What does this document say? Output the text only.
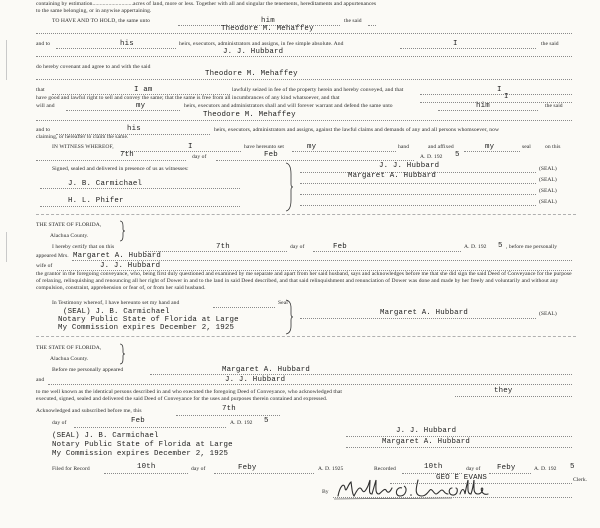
containing by estimation............................acres of land, more or less. Together with all and singular the tenements, hereditaments and appurtenances
to the same belonging, or in anywise appertaining.
TO HAVE AND TO HOLD, the same unto	him	the said
Theodore M. Mehaffey
and to	his	heirs, executors, administrators and assigns, in fee simple absolute. And	I	the said
J. J. Hubbard
do hereby covenant and agree to and with the said
Theodore M. Mehaffey
that	I am	lawfully seized in fee of the property herein and hereby conveyed, and that	I
have good and lawful right to sell and convey the same; that the same is free from all incumbrances of any kind whatsoever, and that	I
will and	my	heirs, executors and administrators shall and will forever warrant and defend the same unto	him	the said
Theodore M. Mehaffey
and to	his	heirs, executors, administrators and assigns, against the lawful claims and demands of any and all persons whomsoever, now
claiming, or hereafter to claim the same.
IN WITNESS WHEREOF,	I	have hereunto set	my	hand	and affixed	my	seal	on this
7th	day of	Feb	A. D. 192 5
Signed, sealed and delivered in presence of us as witnesses:
J. B. Carmichael
H. L. Phifer
J. J. Hubbard	(SEAL)
Margaret A. Hubbard	(SEAL)
(SEAL)
(SEAL)
THE STATE OF FLORIDA,
Alachua County.
I hereby certify that on this	7th	day of	Feb	A. D. 192 5 , before me personally
appeared Mrs. Margaret A. Hubbard
wife of	J. J. Hubbard
the grantor in the foregoing conveyance, who, being first duly questioned and examined by me separate and apart from her said husband, says and acknowledges before me that she did sign the said Deed of Conveyance for the purpose of relaxing, relinquishing and renouncing all her right of Dower in and to the land in said Deed described, and that said relinquishment and renunciation of Dower was done and made by her freely and voluntarily and without any compulsion, constraint, apprehension or fear of, or from her said husband.
In Testimony whereof, I have hereunto set my hand and	Seal
(SEAL) J. B. Carmichael
Notary Public State of Florida at Large
My Commission expires December 2, 1925
Margaret A. Hubbard	(SEAL)
THE STATE OF FLORIDA,
Alachua County.
Before me personally appeared	Margaret A. Hubbard
and	J. J. Hubbard
to me well known as the identical persons described in and who executed the foregoing Deed of Conveyance, who acknowledged that	they
executed, signed, sealed and delivered the said Deed of Conveyance for the uses and purposes therein contained and expressed.
Acknowledged and subscribed before me, this	7th
day of	Feb	A. D. 192 5
(SEAL) J. B. Carmichael
Notary Public State of Florida at Large
My Commission expires December 2, 1925
J. J. Hubbard
Margaret A. Hubbard
Filed for Record	10th	day of	Feby	A. D. 1925	Recorded	10th	day of Feby	A. D. 192 5
GEO E EVANS	Clerk.
By
